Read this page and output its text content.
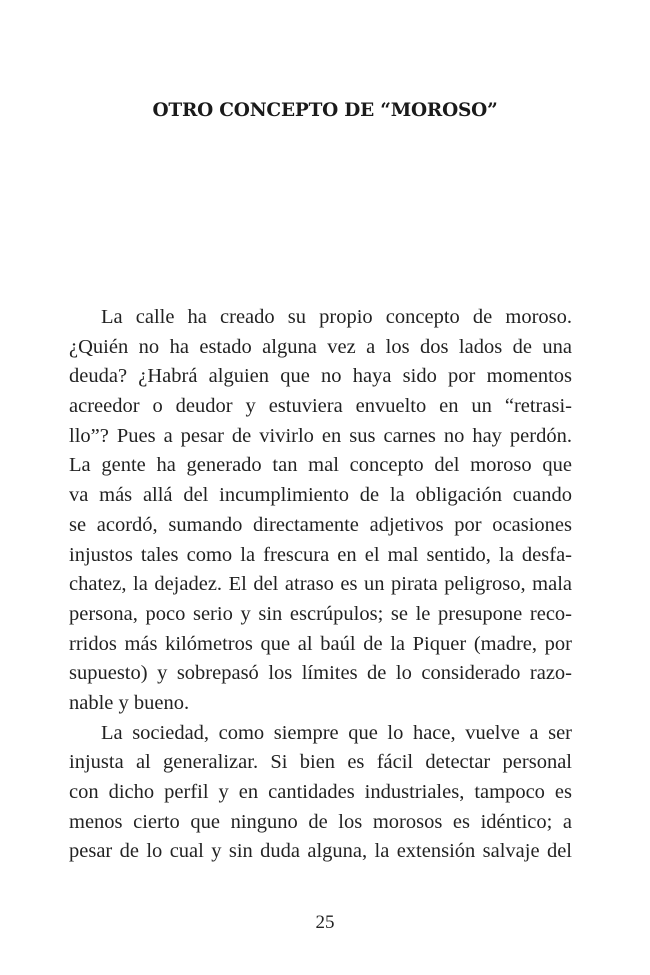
OTRO CONCEPTO DE “MOROSO”
La calle ha creado su propio concepto de moroso.
¿Quién no ha estado alguna vez a los dos lados de una
deuda? ¿Habrá alguien que no haya sido por momentos
acreedor o deudor y estuviera envuelto en un “retrasi-
llo”? Pues a pesar de vivirlo en sus carnes no hay perdón.
La gente ha generado tan mal concepto del moroso que
va más allá del incumplimiento de la obligación cuando
se acordó, sumando directamente adjetivos por ocasiones
injustos tales como la frescura en el mal sentido, la desfa-
chatez, la dejadez. El del atraso es un pirata peligroso, mala
persona, poco serio y sin escrúpulos; se le presupone reco-
rridos más kilómetros que al baúl de la Piquer (madre, por
supuesto) y sobrepasó los límites de lo considerado razo-
nable y bueno.
La sociedad, como siempre que lo hace, vuelve a ser
injusta al generalizar. Si bien es fácil detectar personal
con dicho perfil y en cantidades industriales, tampoco es
menos cierto que ninguno de los morosos es idéntico; a
pesar de lo cual y sin duda alguna, la extensión salvaje del

25
